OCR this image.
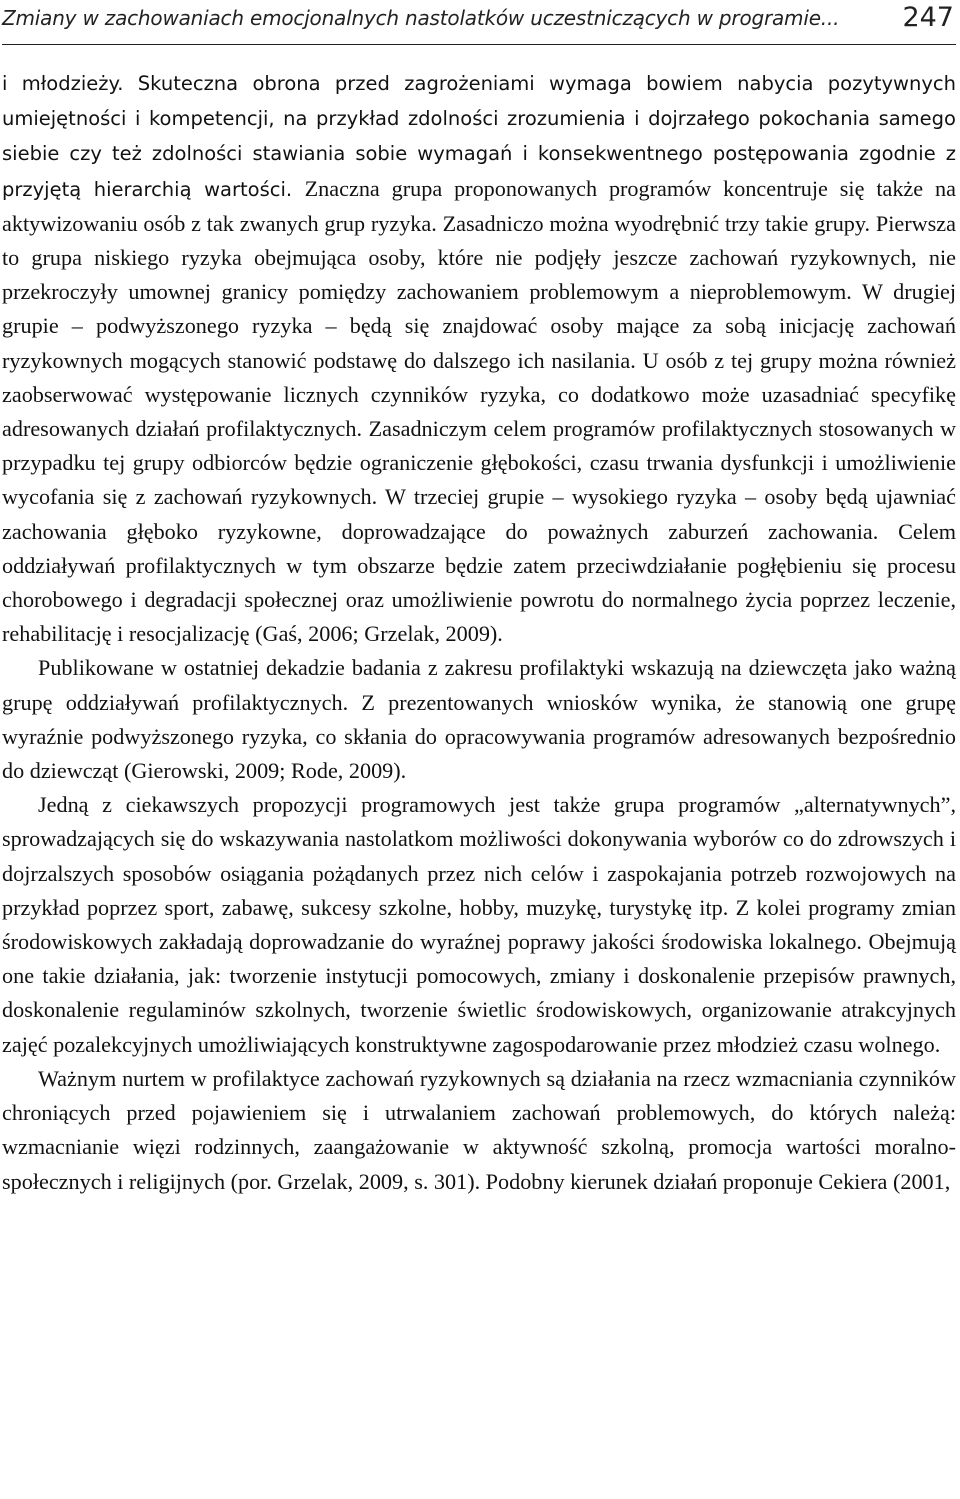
Zmiany w zachowaniach emocjonalnych nastolatków uczestniczących w programie... 247

i młodzieży. Skuteczna obrona przed zagrożeniami wymaga bowiem nabycia pozytywnych umiejętności i kompetencji, na przykład zdolności zrozumienia i dojrzałego pokochania samego siebie czy też zdolności stawiania sobie wymagań i konsekwentnego postępowania zgodnie z przyjętą hierarchią wartości. Znaczna grupa proponowanych programów koncentruje się także na aktywizowaniu osób z tak zwanych grup ryzyka. Zasadniczo można wyodrębnić trzy takie grupy. Pierwsza to grupa niskiego ryzyka obejmująca osoby, które nie podjęły jeszcze zachowań ryzykownych, nie przekroczyły umownej granicy pomiędzy zachowaniem problemowym a nieproblemowym. W drugiej grupie – podwyższonego ryzyka – będą się znajdować osoby mające za sobą inicjację zachowań ryzykownych mogących stanowić podstawę do dalszego ich nasilania. U osób z tej grupy można również zaobserwować występowanie licznych czynników ryzyka, co dodatkowo może uzasadniać specyfikę adresowanych działań profilaktycznych. Zasadniczym celem programów profilaktycznych stosowanych w przypadku tej grupy odbiorców będzie ograniczenie głębokości, czasu trwania dysfunkcji i umożliwienie wycofania się z zachowań ryzykownych. W trzeciej grupie – wysokiego ryzyka – osoby będą ujawniać zachowania głęboko ryzykowne, doprowadzające do poważnych zaburzeń zachowania. Celem oddziaływań profilaktycznych w tym obszarze będzie zatem przeciwdziałanie pogłębieniu się procesu chorobowego i degradacji społecznej oraz umożliwienie powrotu do normalnego życia poprzez leczenie, rehabilitację i resocjalizację (Gaś, 2006; Grzelak, 2009).

Publikowane w ostatniej dekadzie badania z zakresu profilaktyki wskazują na dziewczęta jako ważną grupę oddziaływań profilaktycznych. Z prezentowanych wniosków wynika, że stanowią one grupę wyraźnie podwyższonego ryzyka, co skłania do opracowywania programów adresowanych bezpośrednio do dziewcząt (Gierowski, 2009; Rode, 2009).

Jedną z ciekawszych propozycji programowych jest także grupa programów „alternatywnych”, sprowadzających się do wskazywania nastolatkom możliwości dokonywania wyborów co do zdrowszych i dojrzalszych sposobów osiągania pożądanych przez nich celów i zaspokajania potrzeb rozwojowych na przykład poprzez sport, zabawę, sukcesy szkolne, hobby, muzykę, turystykę itp. Z kolei programy zmian środowiskowych zakładają doprowadzanie do wyraźnej poprawy jakości środowiska lokalnego. Obejmują one takie działania, jak: tworzenie instytucji pomocowych, zmiany i doskonalenie przepisów prawnych, doskonalenie regulaminów szkolnych, tworzenie świetlic środowiskowych, organizowanie atrakcyjnych zajęć pozalekcyjnych umożliwiających konstruktywne zagospodarowanie przez młodzież czasu wolnego.

Ważnym nurtem w profilaktyce zachowań ryzykownych są działania na rzecz wzmacniania czynników chroniących przed pojawieniem się i utrwalaniem zachowań problemowych, do których należą: wzmacnianie więzi rodzinnych, zaangażowanie w aktywność szkolną, promocja wartości moralno-społecznych i religijnych (por. Grzelak, 2009, s. 301). Podobny kierunek działań proponuje Cekiera (2001,
